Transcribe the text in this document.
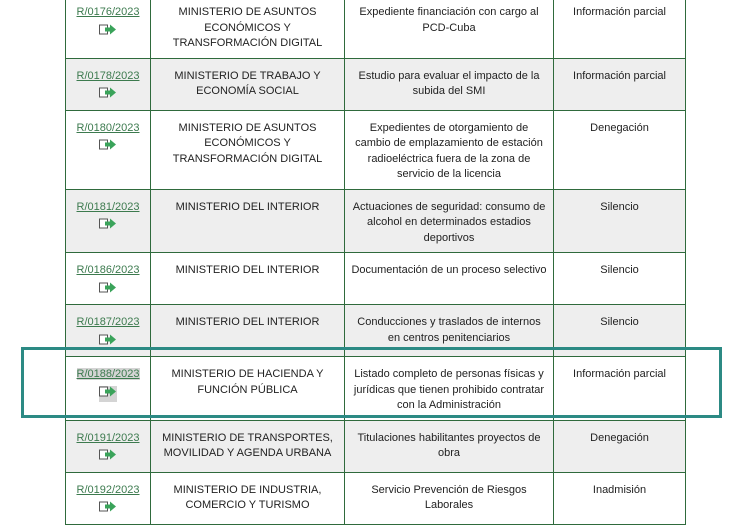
R/0176/2023	MINISTERIO DE ASUNTOS ECONÓMICOS Y TRANSFORMACIÓN DIGITAL	Expediente financiación con cargo al PCD-Cuba	Información parcial
R/0178/2023	MINISTERIO DE TRABAJO Y ECONOMÍA SOCIAL	Estudio para evaluar el impacto de la subida del SMI	Información parcial
R/0180/2023	MINISTERIO DE ASUNTOS ECONÓMICOS Y TRANSFORMACIÓN DIGITAL	Expedientes de otorgamiento de cambio de emplazamiento de estación radioeléctrica fuera de la zona de servicio de la licencia	Denegación
R/0181/2023	MINISTERIO DEL INTERIOR	Actuaciones de seguridad: consumo de alcohol en determinados estadios deportivos	Silencio
R/0186/2023	MINISTERIO DEL INTERIOR	Documentación de un proceso selectivo	Silencio
R/0187/2023	MINISTERIO DEL INTERIOR	Conducciones y traslados de internos en centros penitenciarios	Silencio
R/0188/2023	MINISTERIO DE HACIENDA Y FUNCIÓN PÚBLICA	Listado completo de personas físicas y jurídicas que tienen prohibido contratar con la Administración	Información parcial
R/0191/2023	MINISTERIO DE TRANSPORTES, MOVILIDAD Y AGENDA URBANA	Titulaciones habilitantes proyectos de obra	Denegación
R/0192/2023	MINISTERIO DE INDUSTRIA, COMERCIO Y TURISMO	Servicio Prevención de Riesgos Laborales	Inadmisión
